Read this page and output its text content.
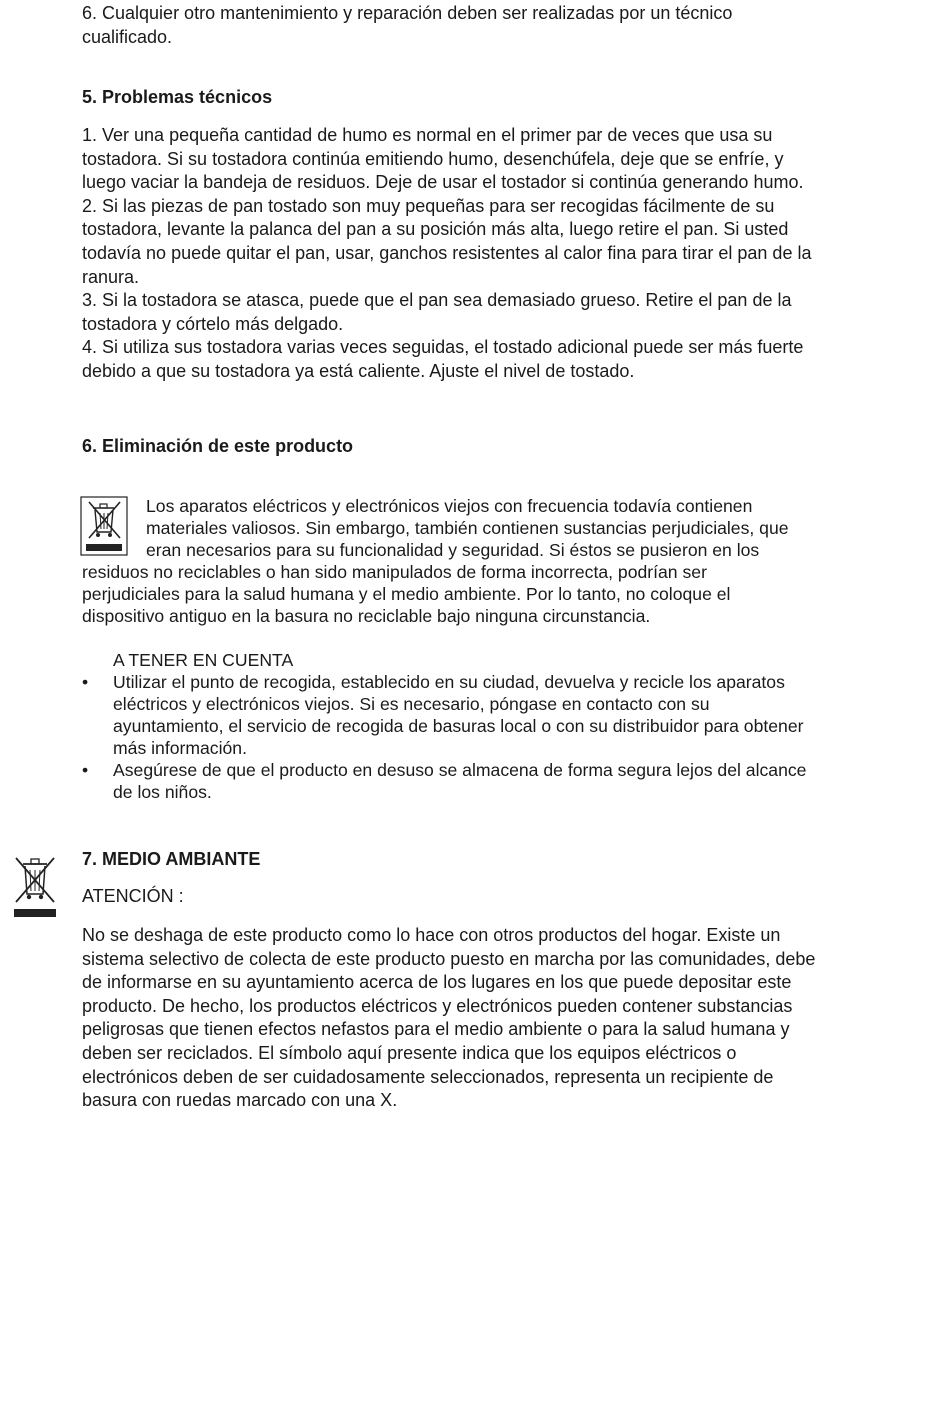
6. Cualquier otro mantenimiento y reparación deben ser realizadas por un técnico
cualificado.
5. Problemas técnicos
1. Ver una pequeña cantidad de humo es normal en el primer par de veces que usa su
tostadora. Si su tostadora continúa emitiendo humo, desenchúfela, deje que se enfríe, y
luego vaciar la bandeja de residuos. Deje de usar el tostador si continúa generando humo.
2. Si las piezas de pan tostado son muy pequeñas para ser recogidas fácilmente de su
tostadora, levante la palanca del pan a su posición más alta, luego retire el pan. Si usted
todavía no puede quitar el pan, usar, ganchos resistentes al calor fina para tirar el pan de la
ranura.
3. Si la tostadora se atasca, puede que el pan sea demasiado grueso. Retire el pan de la
tostadora y córtelo más delgado.
4. Si utiliza sus tostadora varias veces seguidas, el tostado adicional puede ser más fuerte
debido a que su tostadora ya está caliente. Ajuste el nivel de tostado.
6. Eliminación de este producto
Los aparatos eléctricos y electrónicos viejos con frecuencia todavía contienen
materiales valiosos. Sin embargo, también contienen sustancias perjudiciales, que
eran necesarios para su funcionalidad y seguridad. Si éstos se pusieron en los
residuos no reciclables o han sido manipulados de forma incorrecta, podrían ser
perjudiciales para la salud humana y el medio ambiente. Por lo tanto, no coloque el
dispositivo antiguo en la basura no reciclable bajo ninguna circunstancia.
A TENER EN CUENTA
• Utilizar el punto de recogida, establecido en su ciudad, devuelva y recicle los aparatos
eléctricos y electrónicos viejos. Si es necesario, póngase en contacto con su
ayuntamiento, el servicio de recogida de basuras local o con su distribuidor para obtener
más información.
• Asegúrese de que el producto en desuso se almacena de forma segura lejos del alcance
de los niños.
7. MEDIO AMBIANTE
ATENCIÓN :
No se deshaga de este producto como lo hace con otros productos del hogar. Existe un
sistema selectivo de colecta de este producto puesto en marcha por las comunidades, debe
de informarse en su ayuntamiento acerca de los lugares en los que puede depositar este
producto. De hecho, los productos eléctricos y electrónicos pueden contener substancias
peligrosas que tienen efectos nefastos para el medio ambiente o para la salud humana y
deben ser reciclados. El símbolo aquí presente indica que los equipos eléctricos o
electrónicos deben de ser cuidadosamente seleccionados, representa un recipiente de
basura con ruedas marcado con una X.
